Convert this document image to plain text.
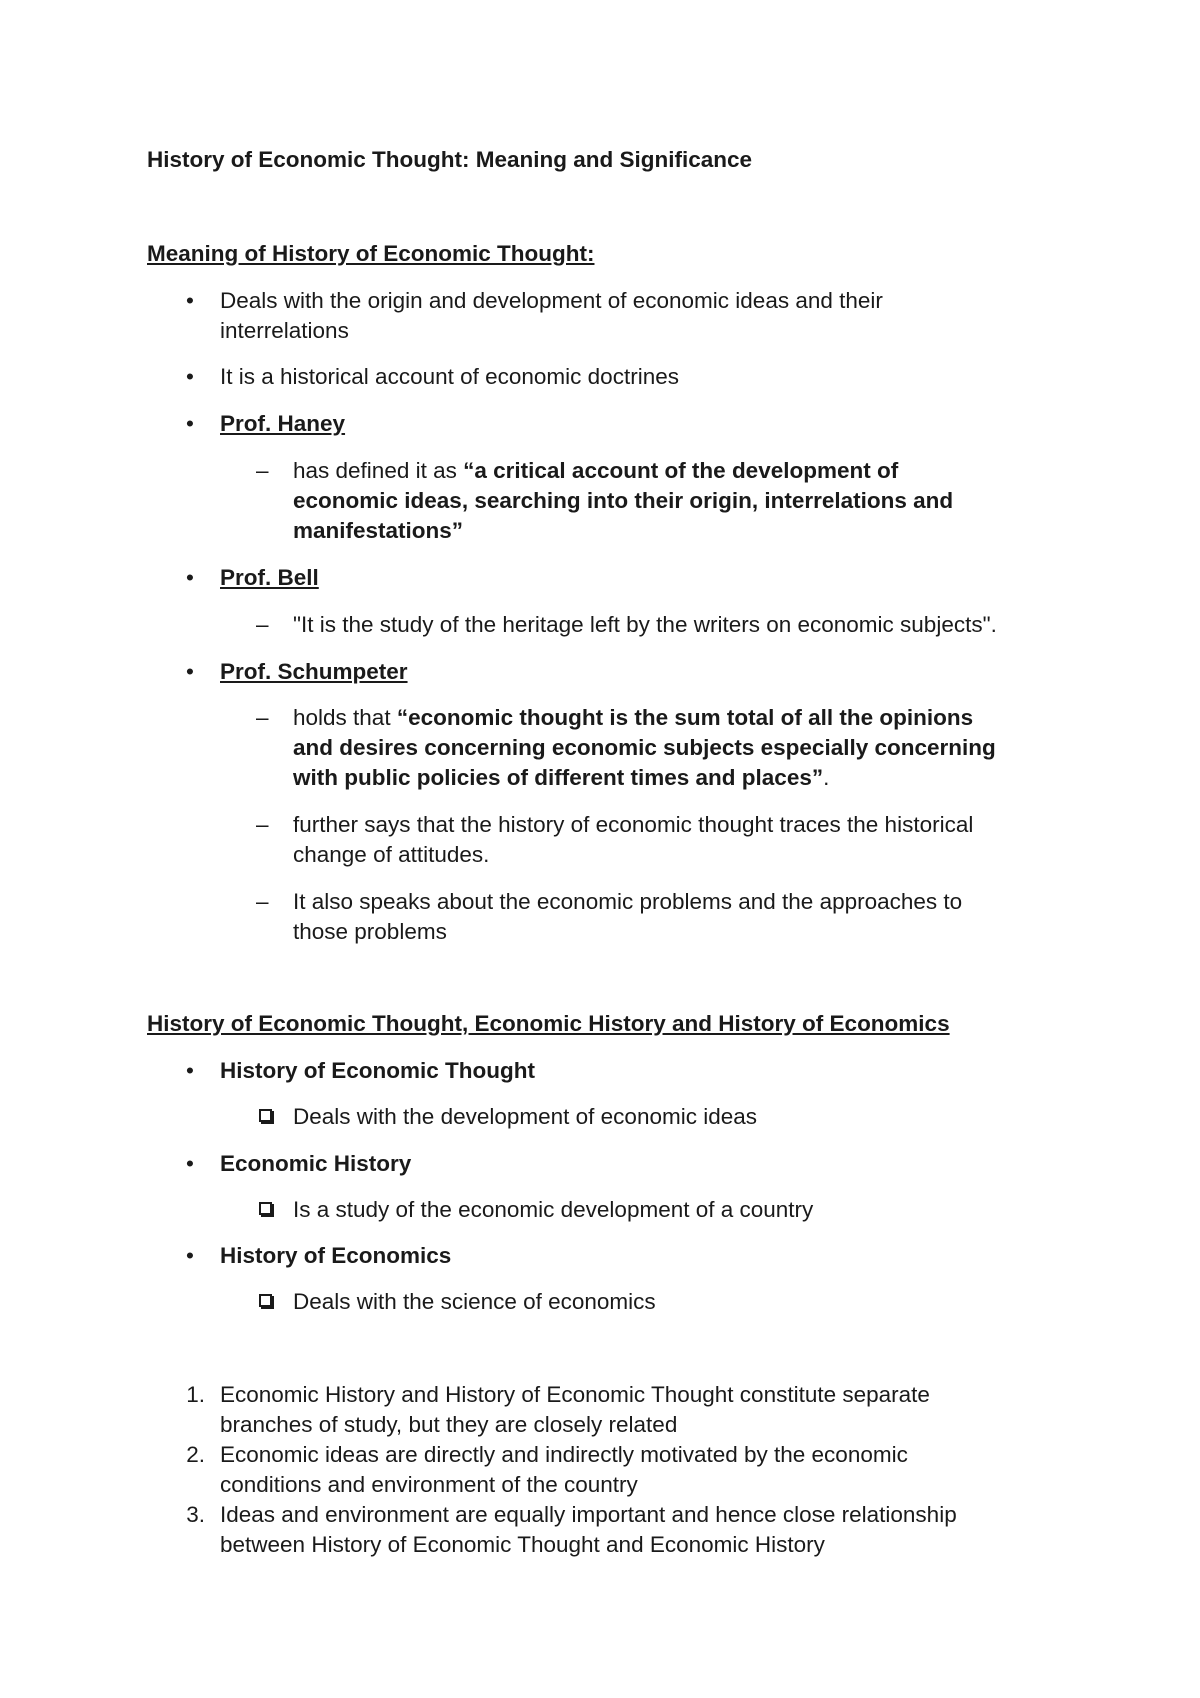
History of Economic Thought: Meaning and Significance
Meaning of History of Economic Thought:
•	Deals with the origin and development of economic ideas and their
interrelations
•	It is a historical account of economic doctrines
•	Prof. Haney
–	has defined it as “a critical account of the development of
economic ideas, searching into their origin, interrelations and
manifestations”
•	Prof. Bell
–	"It is the study of the heritage left by the writers on economic subjects".
•	Prof. Schumpeter
–	holds that “economic thought is the sum total of all the opinions
and desires concerning economic subjects especially concerning
with public policies of different times and places”.
–	further says that the history of economic thought traces the historical
change of attitudes.
–	It also speaks about the economic problems and the approaches to
those problems
History of Economic Thought, Economic History and History of Economics
•	History of Economic Thought
Deals with the development of economic ideas
•	Economic History
Is a study of the economic development of a country
•	History of Economics
Deals with the science of economics
1. Economic History and History of Economic Thought constitute separate
branches of study, but they are closely related
2. Economic ideas are directly and indirectly motivated by the economic
conditions and environment of the country
3. Ideas and environment are equally important and hence close relationship
between History of Economic Thought and Economic History
